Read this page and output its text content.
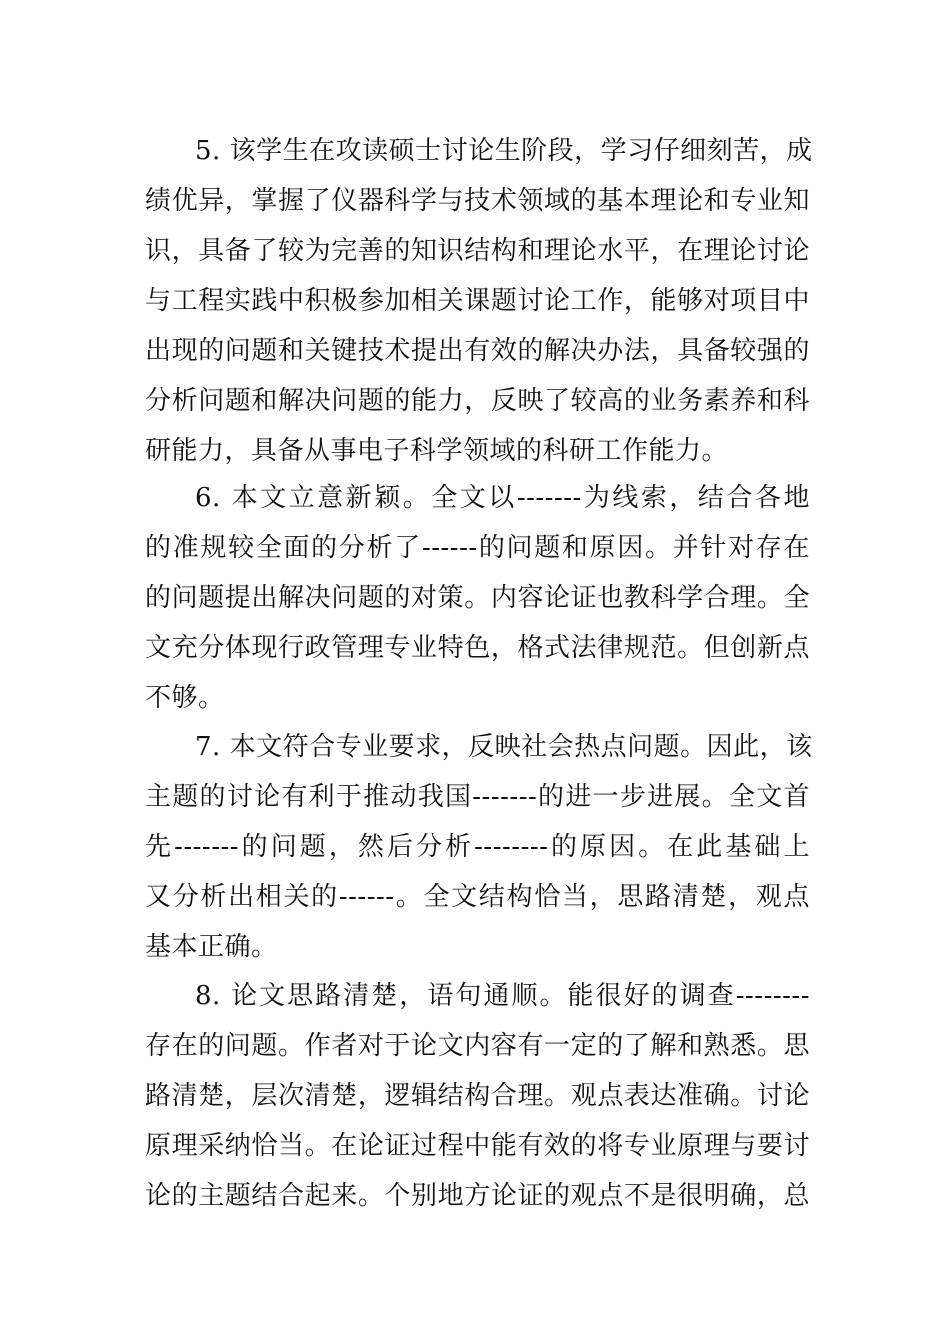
5. 该学生在攻读硕士讨论生阶段，学习仔细刻苦，成
绩优异，掌握了仪器科学与技术领域的基本理论和专业知
识，具备了较为完善的知识结构和理论水平，在理论讨论
与工程实践中积极参加相关课题讨论工作，能够对项目中
出现的问题和关键技术提出有效的解决办法，具备较强的
分析问题和解决问题的能力，反映了较高的业务素养和科
研能力，具备从事电子科学领域的科研工作能力。
6. 本文立意新颖。全文以-------为线索，结合各地
的准规较全面的分析了------的问题和原因。并针对存在
的问题提出解决问题的对策。内容论证也教科学合理。全
文充分体现行政管理专业特色，格式法律规范。但创新点
不够。
7. 本文符合专业要求，反映社会热点问题。因此，该
主题的讨论有利于推动我国-------的进一步进展。全文首
先-------的问题，然后分析--------的原因。在此基础上
又分析出相关的------。全文结构恰当，思路清楚，观点
基本正确。
8. 论文思路清楚，语句通顺。能很好的调查--------
存在的问题。作者对于论文内容有一定的了解和熟悉。思
路清楚，层次清楚，逻辑结构合理。观点表达准确。讨论
原理采纳恰当。在论证过程中能有效的将专业原理与要讨
论的主题结合起来。个别地方论证的观点不是很明确，总
